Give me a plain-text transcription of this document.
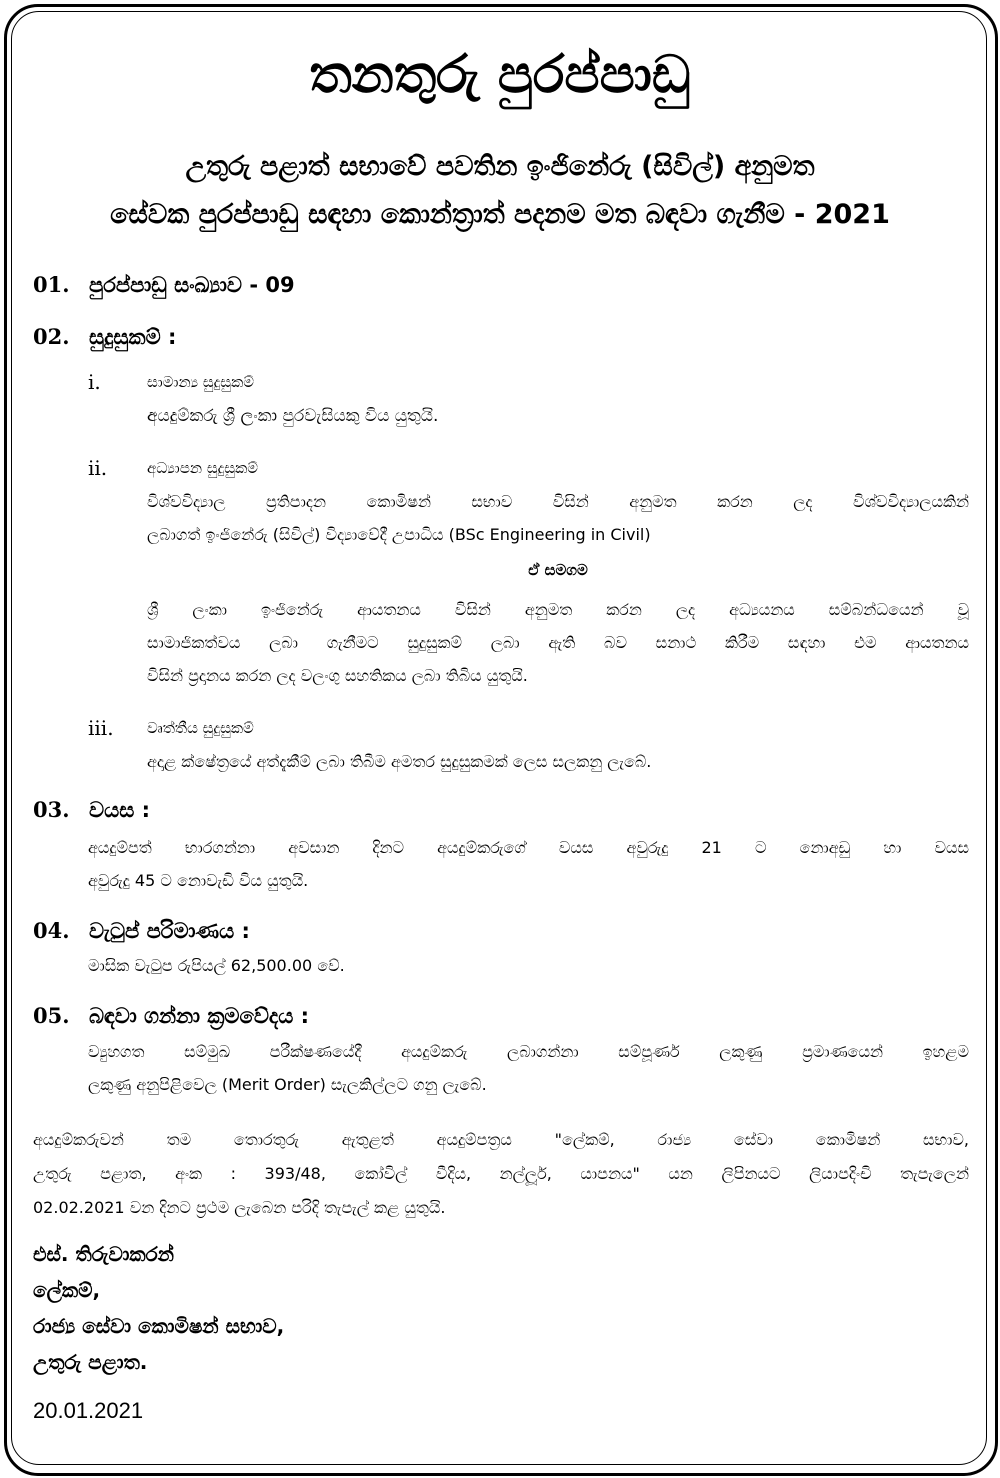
තනතුරු පුරප්පාඩු

උතුරු පළාත් සභාවේ පවතින ඉංජිනේරු (සිවිල්) අනුමත

සේවක පුරප්පාඩු සඳහා කොන්ත්‍රාත් පදනම මත බඳවා ගැනීම - 2021

01. පුරප්පාඩු සංඛ්‍යාව - 09
02. සුදුසුකම් :
i.	සාමාන්‍ය සුදුසුකම්
අයදුම්කරු ශ්‍රී ලංකා පුරවැසියකු විය යුතුයි.
ii.	අධ්‍යාපන සුදුසුකම්
විශ්වවිද්‍යාල ප්‍රතිපාදන කොමිෂන් සභාව විසින් අනුමත කරන ලද විශ්වවිද්‍යාලයකින්
ලබාගත් ඉංජිනේරු (සිවිල්) විද්‍යාවේදී උපාධිය (BSc Engineering in Civil)
ඒ සමගම
ශ්‍රී ලංකා ඉංජිනේරු ආයතනය විසින් අනුමත කරන ලද අධ්‍යයනය සම්බන්ධයෙන් වූ
සාමාජිකත්වය ලබා ගැනීමට සුදුසුකම් ලබා ඇති බව සනාථ කිරීම සඳහා එම ආයතනය
විසින් ප්‍රදානය කරන ලද වලංගු සහතිකය ලබා තිබිය යුතුයි.
iii. වෘත්තීය සුදුසුකම්
අදාළ ක්ෂේත්‍රයේ අත්දැකීම් ලබා තිබීම අමතර සුදුසුකමක් ලෙස සලකනු ලැබේ.
03. වයස :
අයදුම්පත් භාරගන්නා අවසාන දිනට අයදුම්කරුගේ වයස අවුරුදු 21 ට නොඅඩු හා වයස
අවුරුදු 45 ට නොවැඩි විය යුතුයි.
04. වැටුප් පරිමාණය :
මාසික වැටුප රුපියල් 62,500.00 වේ.
05. බඳවා ගන්නා ක්‍රමවේදය :
ව්‍යුහගත සම්මුඛ පරීක්ෂණයේදී අයදුම්කරු ලබාගන්නා සම්පූර්ණ ලකුණු ප්‍රමාණයෙන් ඉහළම
ලකුණු අනුපිළිවෙල (Merit Order) සැලකිල්ලට ගනු ලැබේ.
අයදුම්කරුවන් තම තොරතුරු ඇතුළත් අයදුම්පත්‍රය "ලේකම්, රාජ්‍ය සේවා කොමිෂන් සභාව,
උතුරු පළාත, අංක : 393/48, කෝවිල් වීදිය, නල්ලූර්, යාපනය" යන ලිපිනයට ලියාපදිංචි තැපැලෙන්
02.02.2021 වන දිනට ප්‍රථම ලැබෙන පරිදි තැපැල් කළ යුතුයි.
එස්. තිරුවාකරන්
ලේකම්,
රාජ්‍ය සේවා කොමිෂන් සභාව,
උතුරු පළාත.
20.01.2021
